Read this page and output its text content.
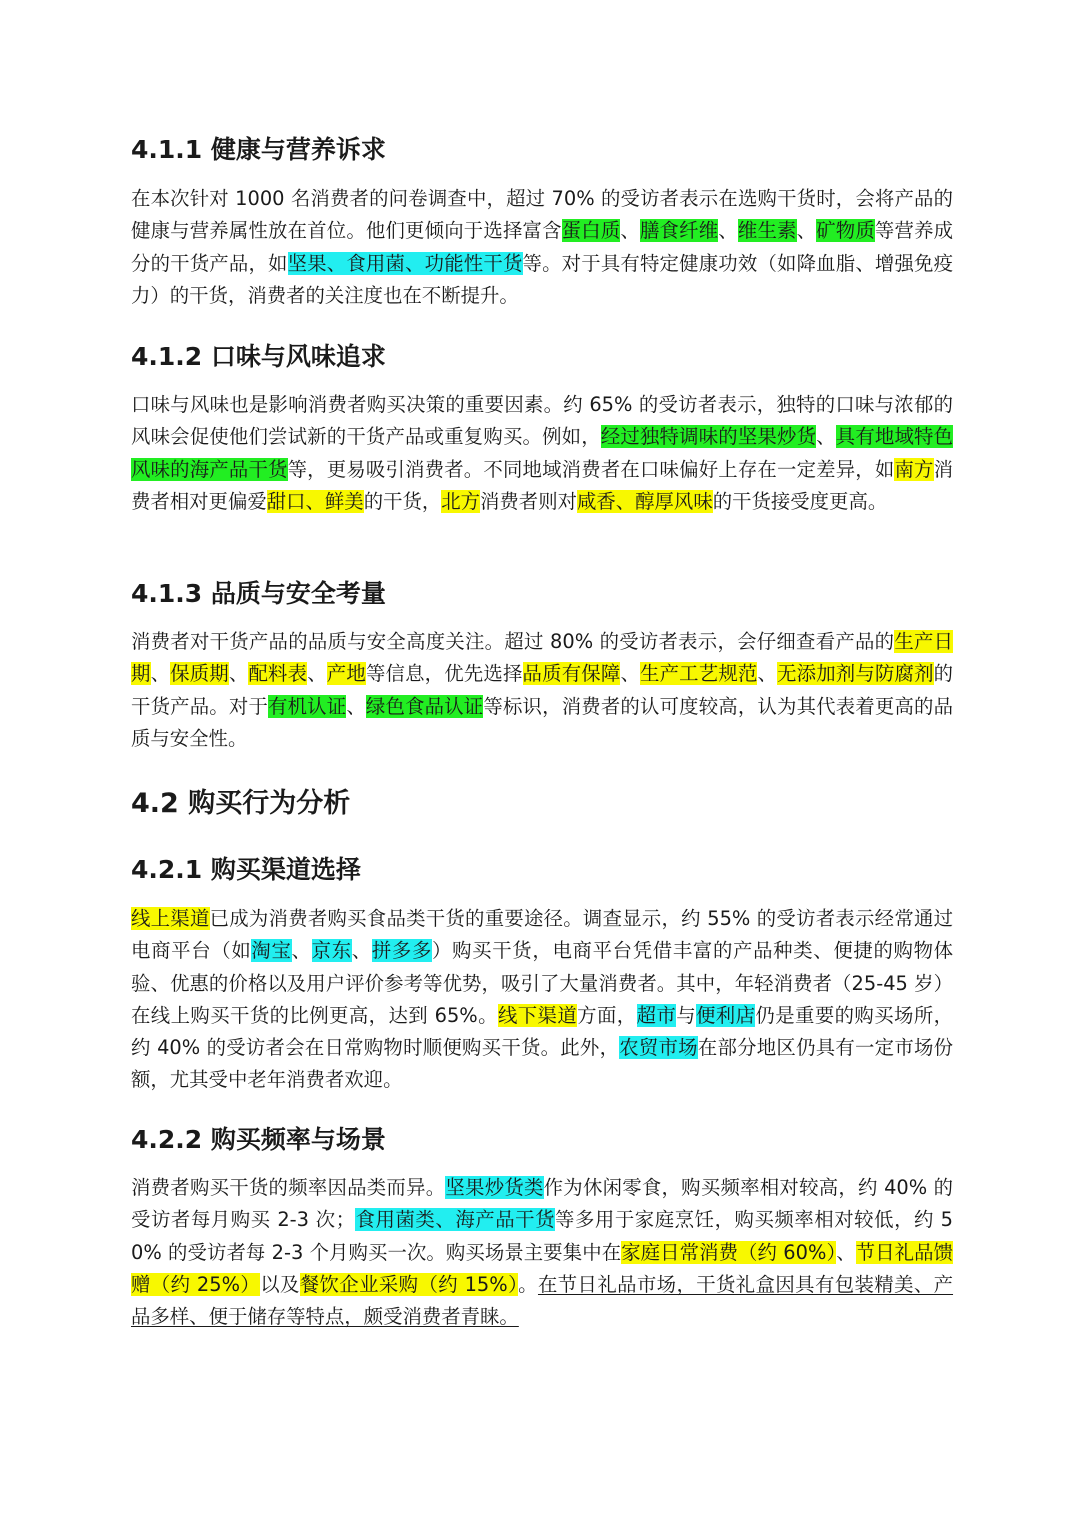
4.1.1 健康与营养诉求

在本次针对 1000 名消费者的问卷调查中，超过 70% 的受访者表示在选购干货时，会将产品的健康与营养属性放在首位。他们更倾向于选择富含蛋白质、膳食纤维、维生素、矿物质等营养成分的干货产品，如坚果、食用菌、功能性干货等。对于具有特定健康功效（如降血脂、增强免疫力）的干货，消费者的关注度也在不断提升。

4.1.2 口味与风味追求

口味与风味也是影响消费者购买决策的重要因素。约 65% 的受访者表示，独特的口味与浓郁的风味会促使他们尝试新的干货产品或重复购买。例如，经过独特调味的坚果炒货、具有地域特色风味的海产品干货等，更易吸引消费者。不同地域消费者在口味偏好上存在一定差异，如南方消费者相对更偏爱甜口、鲜美的干货，北方消费者则对咸香、醇厚风味的干货接受度更高。

4.1.3 品质与安全考量

消费者对干货产品的品质与安全高度关注。超过 80% 的受访者表示，会仔细查看产品的生产日期、保质期、配料表、产地等信息，优先选择品质有保障、生产工艺规范、无添加剂与防腐剂的干货产品。对于有机认证、绿色食品认证等标识，消费者的认可度较高，认为其代表着更高的品质与安全性。

4.2 购买行为分析
4.2.1 购买渠道选择

线上渠道已成为消费者购买食品类干货的重要途径。调查显示，约 55% 的受访者表示经常通过电商平台（如淘宝、京东、拼多多）购买干货，电商平台凭借丰富的产品种类、便捷的购物体验、优惠的价格以及用户评价参考等优势，吸引了大量消费者。其中，年轻消费者（25-45 岁）在线上购买干货的比例更高，达到 65%。线下渠道方面，超市与便利店仍是重要的购买场所，约 40% 的受访者会在日常购物时顺便购买干货。此外，农贸市场在部分地区仍具有一定市场份额，尤其受中老年消费者欢迎。

4.2.2 购买频率与场景

消费者购买干货的频率因品类而异。坚果炒货类作为休闲零食，购买频率相对较高，约 40% 的受访者每月购买 2-3 次；食用菌类、海产品干货等多用于家庭烹饪，购买频率相对较低，约 50% 的受访者每 2-3 个月购买一次。购买场景主要集中在家庭日常消费（约 60%）、节日礼品馈赠（约 25%）以及餐饮企业采购（约 15%）。在节日礼品市场，干货礼盒因具有包装精美、产品多样、便于储存等特点，颇受消费者青睐。
